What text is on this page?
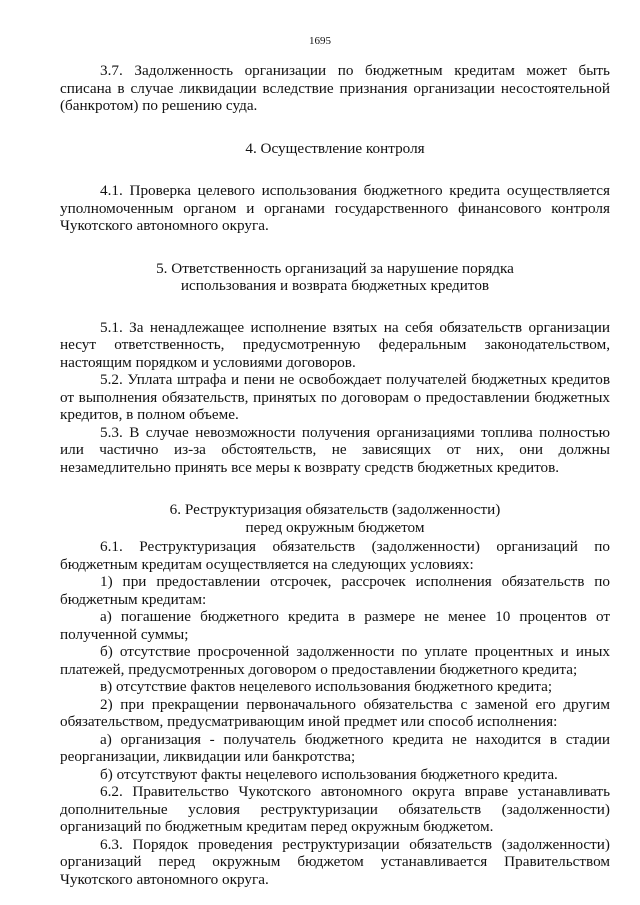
1695

3.7. Задолженность организации по бюджетным кредитам может быть списана в случае ликвидации вследствие признания организации несостоятельной (банкротом) по решению суда.

4. Осуществление контроля

4.1. Проверка целевого использования бюджетного кредита осуществляется уполномоченным органом и органами государственного финансового контроля Чукотского автономного округа.

5. Ответственность организаций за нарушение порядка

использования и возврата бюджетных кредитов

5.1. За ненадлежащее исполнение взятых на себя обязательств организации несут ответственность, предусмотренную федеральным законодательством, настоящим порядком и условиями договоров.

5.2. Уплата штрафа и пени не освобождает получателей бюджетных кредитов от выполнения обязательств, принятых по договорам о предоставлении бюджетных кредитов, в полном объеме.

5.3. В случае невозможности получения организациями топлива полностью или частично из-за обстоятельств, не зависящих от них, они должны незамедлительно принять все меры к возврату средств бюджетных кредитов.

6. Реструктуризация обязательств (задолженности)

перед окружным бюджетом

6.1. Реструктуризация обязательств (задолженности) организаций по бюджетным кредитам осуществляется на следующих условиях:

1) при предоставлении отсрочек, рассрочек исполнения обязательств по бюджетным кредитам:

а) погашение бюджетного кредита в размере не менее 10 процентов от полученной суммы;

б) отсутствие просроченной задолженности по уплате процентных и иных платежей, предусмотренных договором о предоставлении бюджетного кредита;

в) отсутствие фактов нецелевого использования бюджетного кредита;

2) при прекращении первоначального обязательства с заменой его другим обязательством, предусматривающим иной предмет или способ исполнения:

а) организация - получатель бюджетного кредита не находится в стадии реорганизации, ликвидации или банкротства;

б) отсутствуют факты нецелевого использования бюджетного кредита.

6.2. Правительство Чукотского автономного округа вправе устанавливать дополнительные условия реструктуризации обязательств (задолженности) организаций по бюджетным кредитам перед окружным бюджетом.

6.3. Порядок проведения реструктуризации обязательств (задолженности) организаций перед окружным бюджетом устанавливается Правительством Чукотского автономного округа.
